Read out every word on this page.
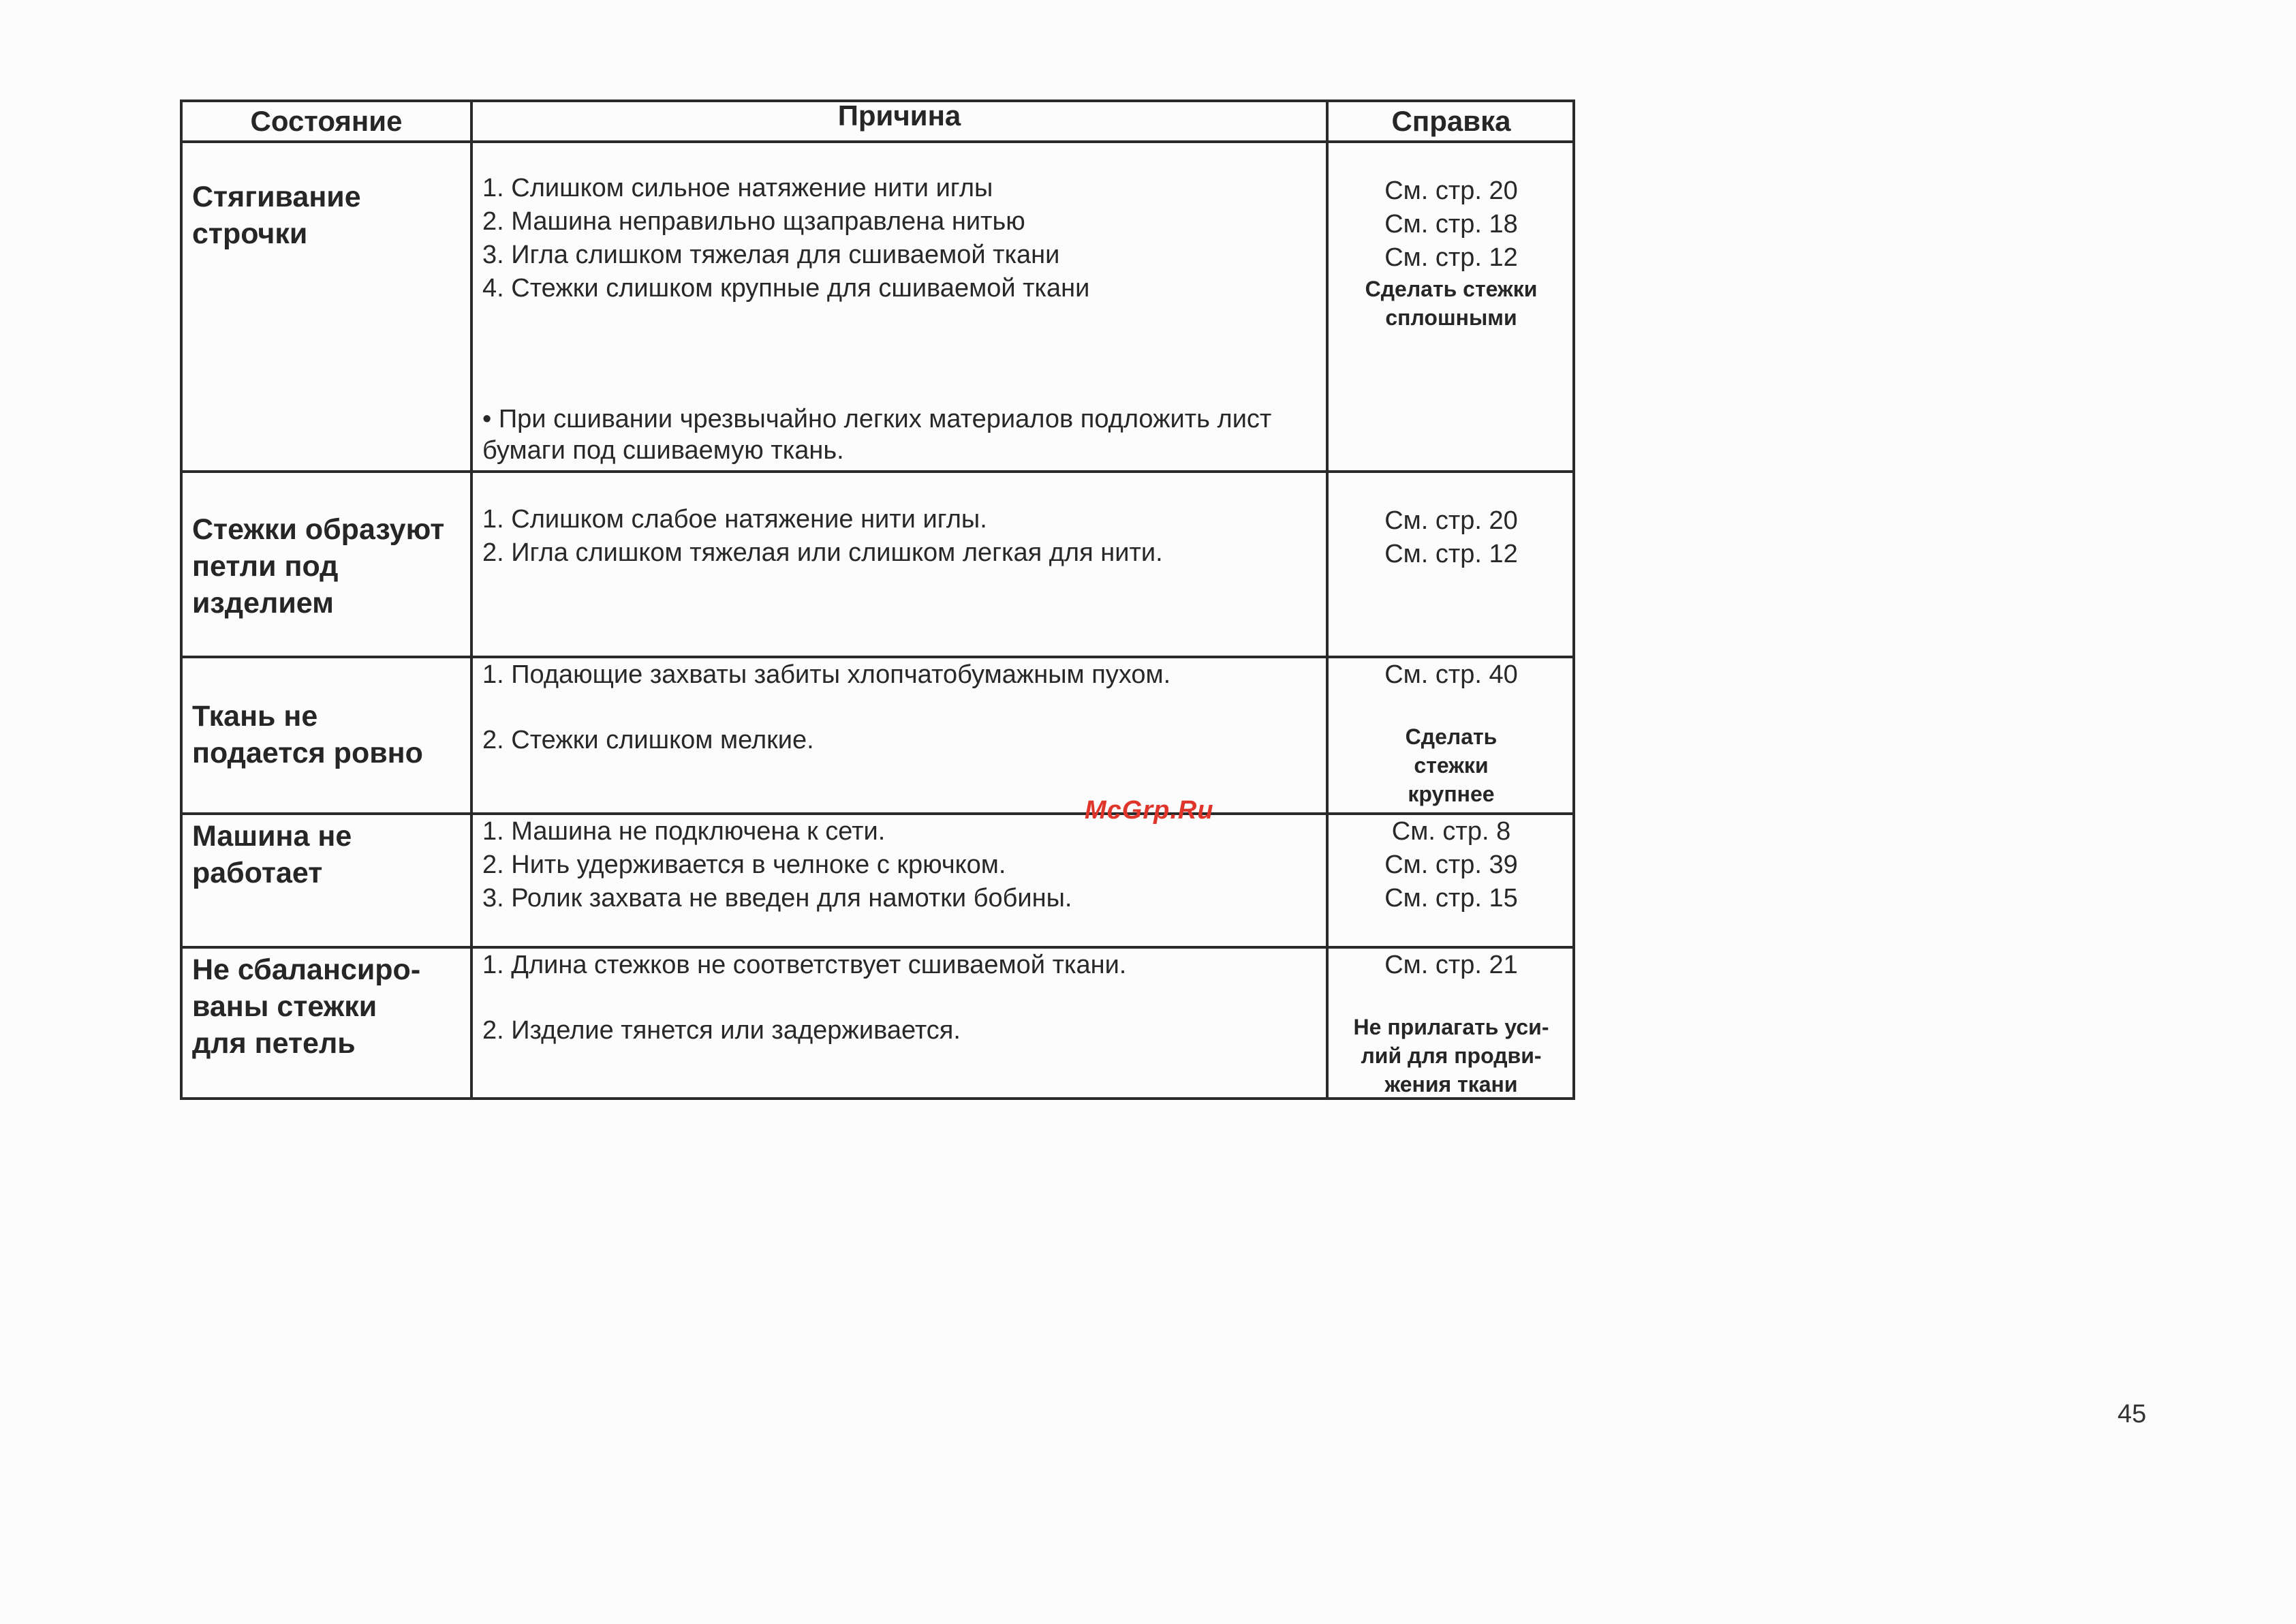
Состояние	Причина	Справка
Стягивание строчки
1. Слишком сильное натяжение нити иглы
2. Машина неправильно щзаправлена нитью
3. Игла слишком тяжелая для сшиваемой ткани
4. Стежки слишком крупные для сшиваемой ткани
• При сшивании чрезвычайно легких материалов подложить лист бумаги под сшиваемую ткань.
См. стр. 20
См. стр. 18
См. стр. 12
Сделать стежки сплошными
Стежки образуют петли под изделием
1. Слишком слабое натяжение нити иглы.
2. Игла слишком тяжелая или слишком легкая для нити.
См. стр. 20
См. стр. 12
Ткань не подается ровно
1. Подающие захваты забиты хлопчатобумажным пухом.
2. Стежки слишком мелкие.
См. стр. 40
Сделать стежки крупнее
Машина не работает
1. Машина не подключена к сети.
2. Нить удерживается в челноке с крючком.
3. Ролик захвата не введен для намотки бобины.
См. стр. 8
См. стр. 39
См. стр. 15
Не сбалансиро-ваны стежки для петель
1. Длина стежков не соответствует сшиваемой ткани.
2. Изделие тянется или задерживается.
См. стр. 21
Не прилагать уси-лий для продви-жения ткани
McGrp.Ru
45
